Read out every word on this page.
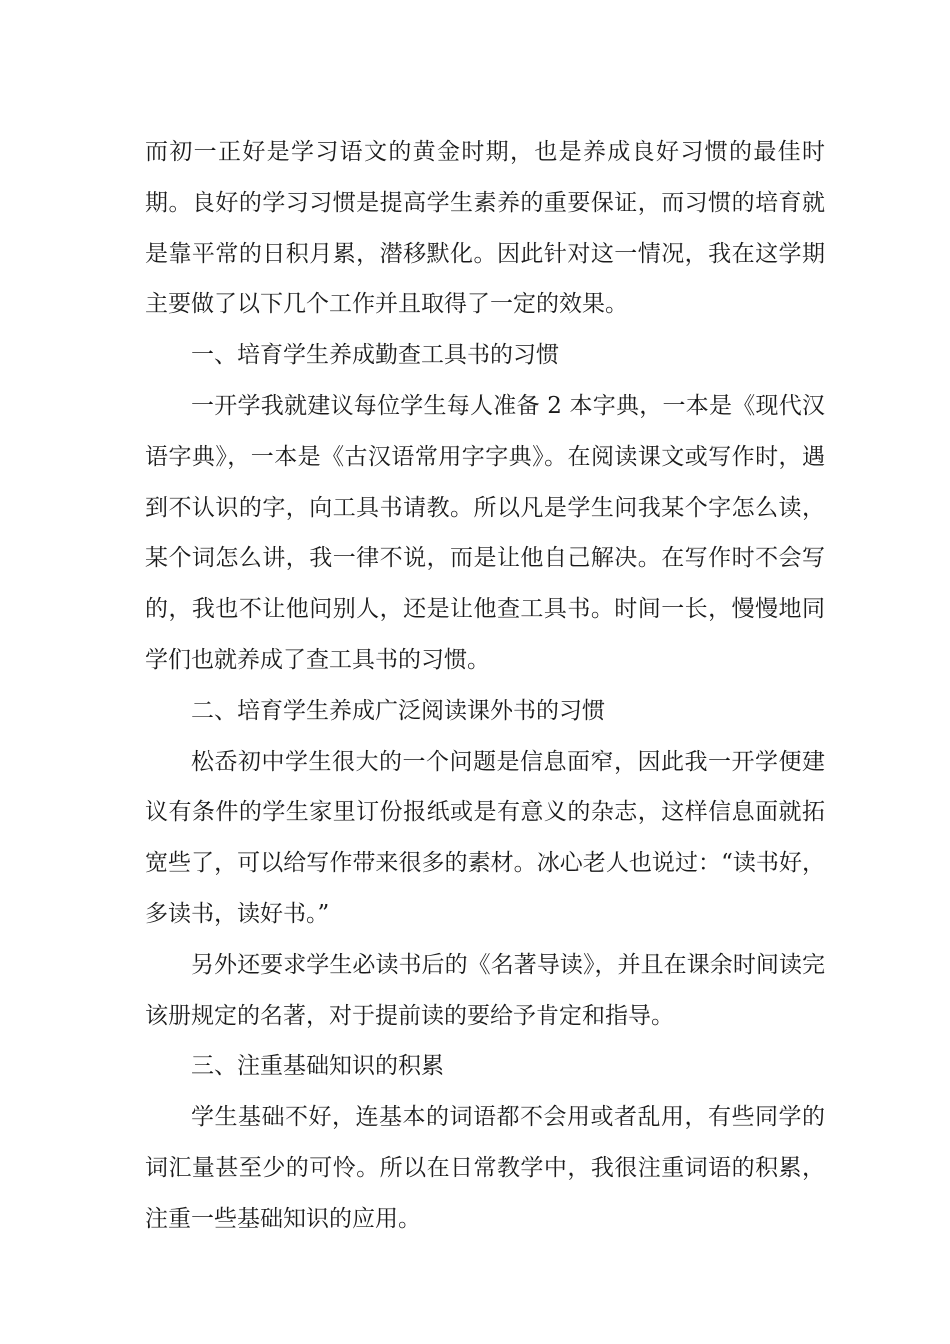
而初一正好是学习语文的黄金时期，也是养成良好习惯的最佳时期。良好的学习习惯是提高学生素养的重要保证，而习惯的培育就是靠平常的日积月累，潜移默化。因此针对这一情况，我在这学期主要做了以下几个工作并且取得了一定的效果。

一、培育学生养成勤查工具书的习惯

一开学我就建议每位学生每人准备 2 本字典，一本是《现代汉语字典》，一本是《古汉语常用字字典》。在阅读课文或写作时，遇到不认识的字，向工具书请教。所以凡是学生问我某个字怎么读，某个词怎么讲，我一律不说，而是让他自己解决。在写作时不会写的，我也不让他问别人，还是让他查工具书。时间一长，慢慢地同学们也就养成了查工具书的习惯。

二、培育学生养成广泛阅读课外书的习惯

松岙初中学生很大的一个问题是信息面窄，因此我一开学便建议有条件的学生家里订份报纸或是有意义的杂志，这样信息面就拓宽些了，可以给写作带来很多的素材。冰心老人也说过：“读书好，多读书，读好书。”

另外还要求学生必读书后的《名著导读》，并且在课余时间读完该册规定的名著，对于提前读的要给予肯定和指导。

三、注重基础知识的积累

学生基础不好，连基本的词语都不会用或者乱用，有些同学的词汇量甚至少的可怜。所以在日常教学中，我很注重词语的积累，注重一些基础知识的应用。
